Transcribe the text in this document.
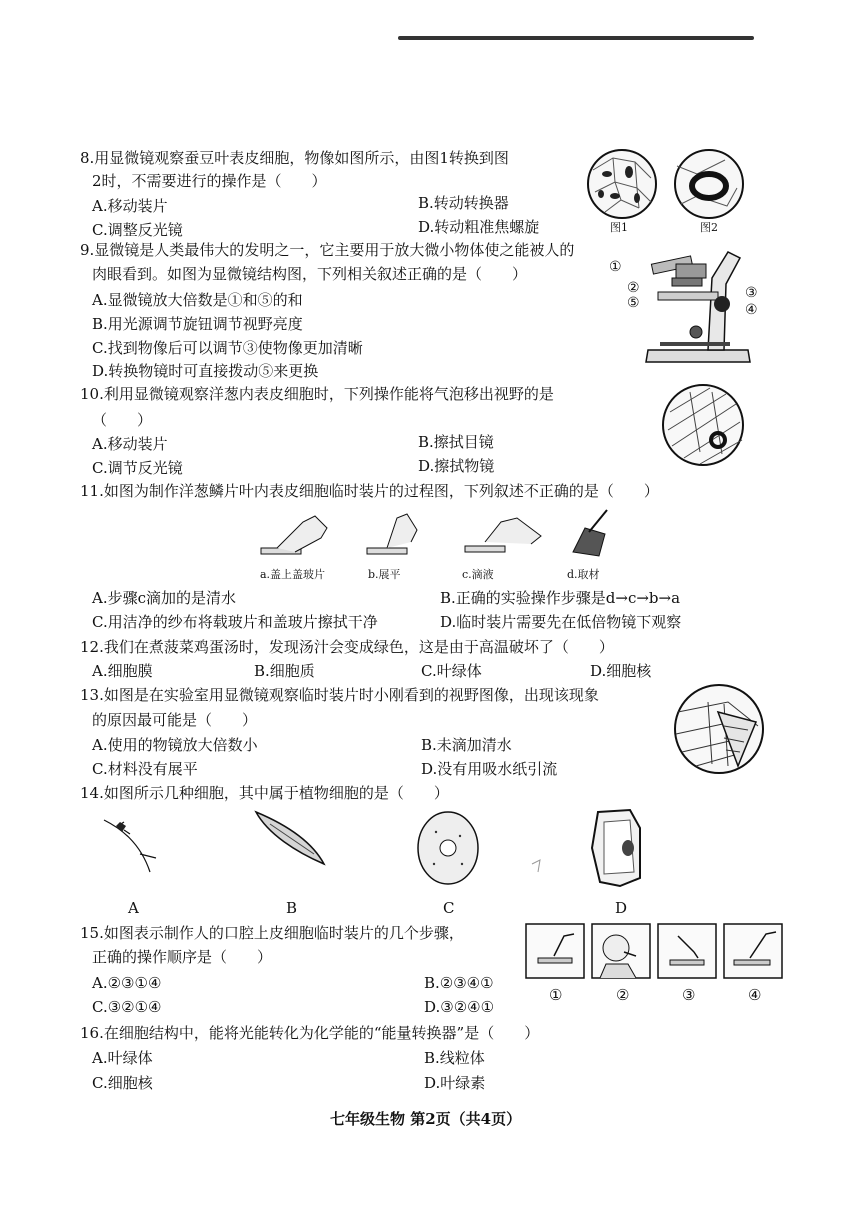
8.用显微镜观察蚕豆叶表皮细胞，物像如图所示，由图1转换到图
2时，不需要进行的操作是（　　）
A.移动装片	B.转动转换器
C.调整反光镜	D.转动粗准焦螺旋	图1	图2
9.显微镜是人类最伟大的发明之一，它主要用于放大微小物体使之能被人的
肉眼看到。如图为显微镜结构图，下列相关叙述正确的是（　　）
A.显微镜放大倍数是①和⑤的和
B.用光源调节旋钮调节视野亮度
C.找到物像后可以调节③使物像更加清晰
D.转换物镜时可直接拨动⑤来更换
①
②
⑤
③
④
10.利用显微镜观察洋葱内表皮细胞时，下列操作能将气泡移出视野的是
（　　）
A.移动装片	B.擦拭目镜
C.调节反光镜	D.擦拭物镜
11.如图为制作洋葱鳞片叶内表皮细胞临时装片的过程图，下列叙述不正确的是（　　）
a.盖上盖玻片	b.展平	c.滴液	d.取材
A.步骤c滴加的是清水	B.正确的实验操作步骤是d→c→b→a
C.用洁净的纱布将载玻片和盖玻片擦拭干净	D.临时装片需要先在低倍物镜下观察
12.我们在煮菠菜鸡蛋汤时，发现汤汁会变成绿色，这是由于高温破坏了（　　）
A.细胞膜	B.细胞质	C.叶绿体	D.细胞核
13.如图是在实验室用显微镜观察临时装片时小刚看到的视野图像，出现该现象
的原因最可能是（　　）
A.使用的物镜放大倍数小	B.未滴加清水
C.材料没有展平	D.没有用吸水纸引流
14.如图所示几种细胞，其中属于植物细胞的是（　　）
A	B	C	D
15.如图表示制作人的口腔上皮细胞临时装片的几个步骤，
正确的操作顺序是（　　）
A.②③①④	B.②③④①
C.③②①④	D.③②④①
①	②	③	④
16.在细胞结构中，能将光能转化为化学能的“能量转换器”是（　　）
A.叶绿体	B.线粒体
C.细胞核	D.叶绿素
七年级生物 第2页（共4页）
